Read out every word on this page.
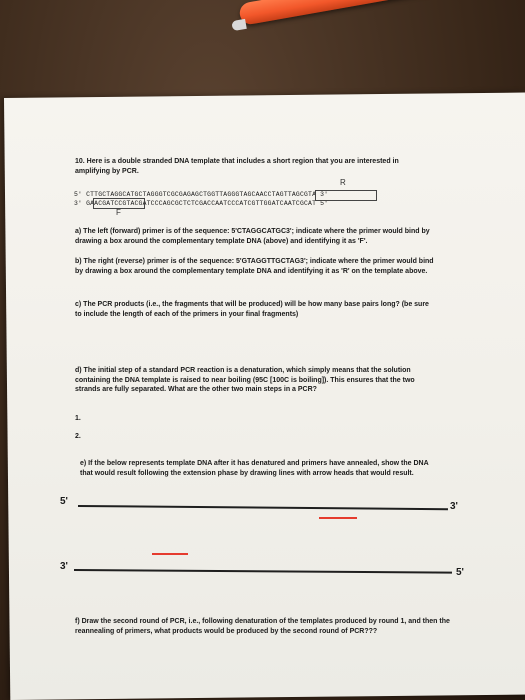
10. Here is a double stranded DNA template that includes a short region that you are interested in amplifying by PCR.

5' CTTGCTAGGCATGCTAGGGTCGCGAGAGCTGGTTAGGGTAGCAACCTAGTTAGCGTA 3'
3' GAACGATCCGTACGATCCCAGCGCTCTCGACCAATCCCATCGTTGGATCAATCGCAT 5'
F
R

a) The left (forward) primer is of the sequence: 5'CTAGGCATGC3'; indicate where the primer would bind by drawing a box around the complementary template DNA (above) and identifying it as 'F'.

b) The right (reverse) primer is of the sequence: 5'GTAGGTTGCTAG3'; indicate where the primer would bind by drawing a box around the complementary template DNA and identifying it as 'R' on the template above.

c) The PCR products (i.e., the fragments that will be produced) will be how many base pairs long? (be sure to include the length of each of the primers in your final fragments)

d) The initial step of a standard PCR reaction is a denaturation, which simply means that the solution containing the DNA template is raised to near boiling (95C [100C is boiling]). This ensures that the two strands are fully separated. What are the other two main steps in a PCR?

1.
2.

e) If the below represents template DNA after it has denatured and primers have annealed, show the DNA that would result following the extension phase by drawing lines with arrow heads that would result.

5'	3'
3'
5'

f) Draw the second round of PCR, i.e., following denaturation of the templates produced by round 1, and then the reannealing of primers, what products would be produced by the second round of PCR???
